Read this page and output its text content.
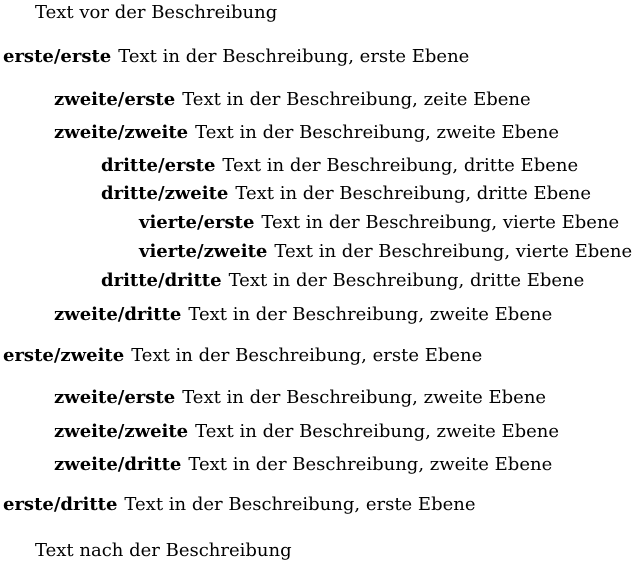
Text vor der Beschreibung
erste/erste Text in der Beschreibung, erste Ebene
zweite/erste Text in der Beschreibung, zeite Ebene
zweite/zweite Text in der Beschreibung, zweite Ebene
dritte/erste Text in der Beschreibung, dritte Ebene
dritte/zweite Text in der Beschreibung, dritte Ebene
vierte/erste Text in der Beschreibung, vierte Ebene
vierte/zweite Text in der Beschreibung, vierte Ebene
dritte/dritte Text in der Beschreibung, dritte Ebene
zweite/dritte Text in der Beschreibung, zweite Ebene
erste/zweite Text in der Beschreibung, erste Ebene
zweite/erste Text in der Beschreibung, zweite Ebene
zweite/zweite Text in der Beschreibung, zweite Ebene
zweite/dritte Text in der Beschreibung, zweite Ebene
erste/dritte Text in der Beschreibung, erste Ebene
Text nach der Beschreibung
